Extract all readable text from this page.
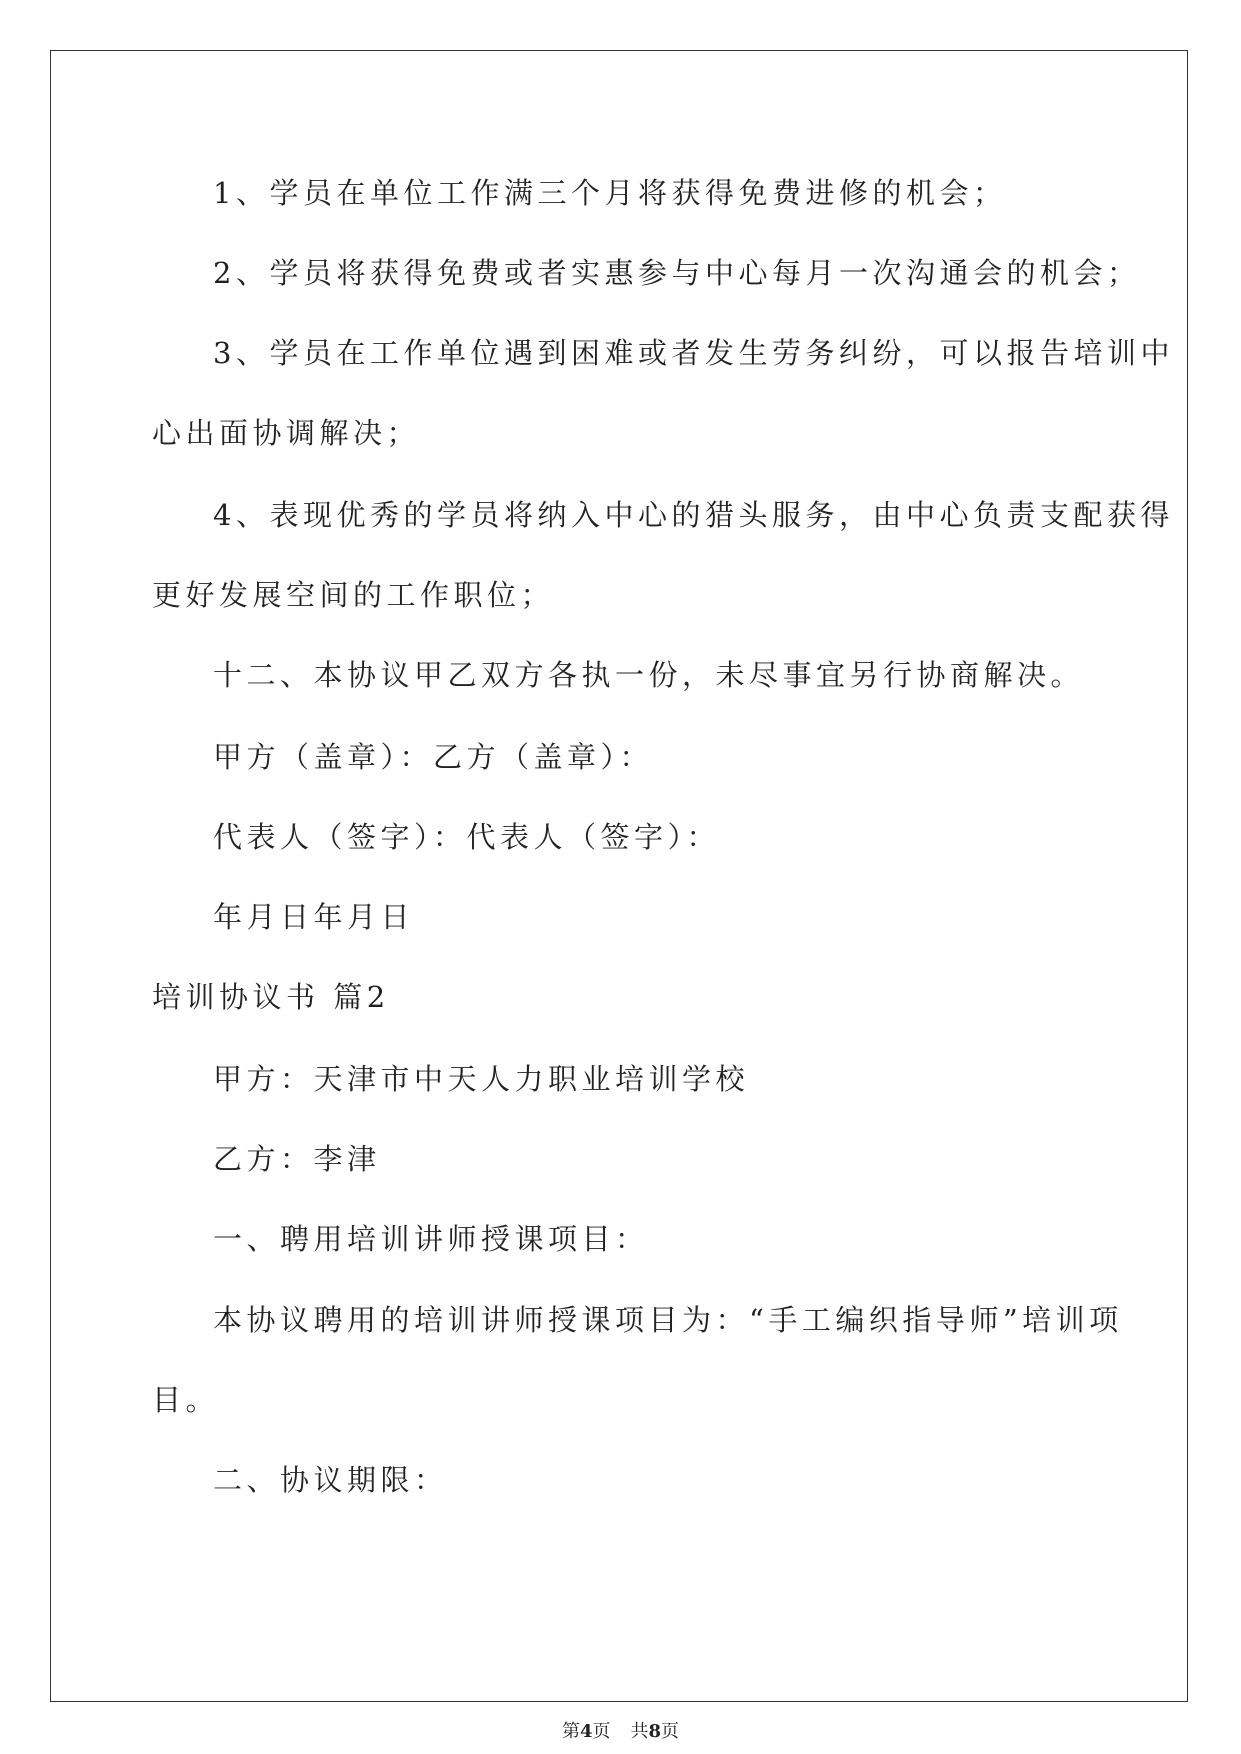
1、学员在单位工作满三个月将获得免费进修的机会；
2、学员将获得免费或者实惠参与中心每月一次沟通会的机会；
3、学员在工作单位遇到困难或者发生劳务纠纷，可以报告培训中
心出面协调解决；
4、表现优秀的学员将纳入中心的猎头服务，由中心负责支配获得
更好发展空间的工作职位；
十二、本协议甲乙双方各执一份，未尽事宜另行协商解决。
甲方（盖章）：乙方（盖章）：
代表人（签字）：代表人（签字）：
年月日年月日
培训协议书 篇2
甲方：天津市中天人力职业培训学校
乙方：李津
一、聘用培训讲师授课项目：
本协议聘用的培训讲师授课项目为：“手工编织指导师”培训项
目。
二、协议期限：
第4页 共8页
